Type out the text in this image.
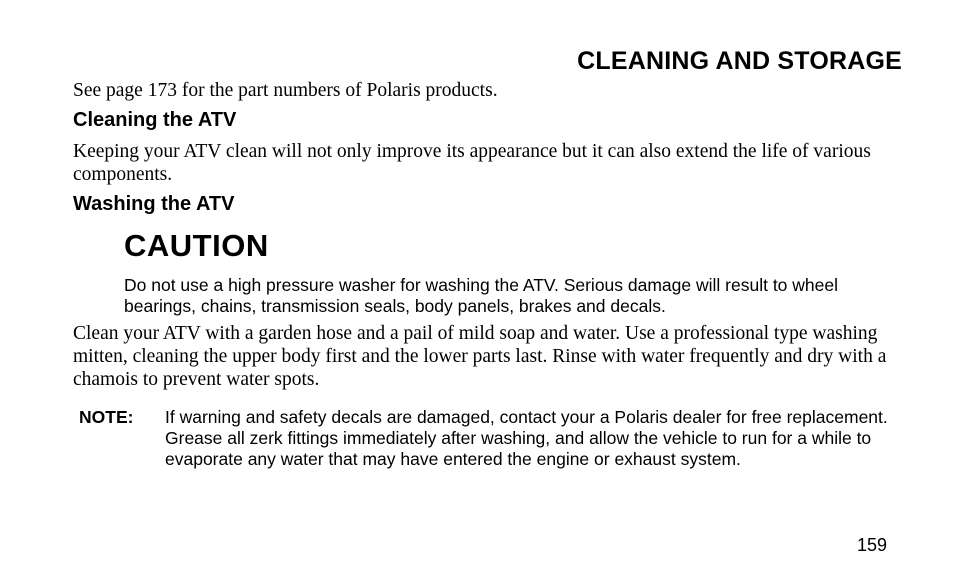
CLEANING AND STORAGE
See page 173 for the part numbers of Polaris products.
Cleaning the ATV
Keeping your ATV clean will not only improve its appearance but it can also extend the life of various components.
Washing the ATV
CAUTION
Do not use a high pressure washer for washing the ATV. Serious damage will result to wheel bearings, chains, transmission seals, body panels, brakes and decals.
Clean your ATV with a garden hose and a pail of mild soap and water. Use a professional type washing mitten, cleaning the upper body first and the lower parts last. Rinse with water frequently and dry with a chamois to prevent water spots.
NOTE: If warning and safety decals are damaged, contact your a Polaris dealer for free replacement. Grease all zerk fittings immediately after washing, and allow the vehicle to run for a while to evaporate any water that may have entered the engine or exhaust system.
159
